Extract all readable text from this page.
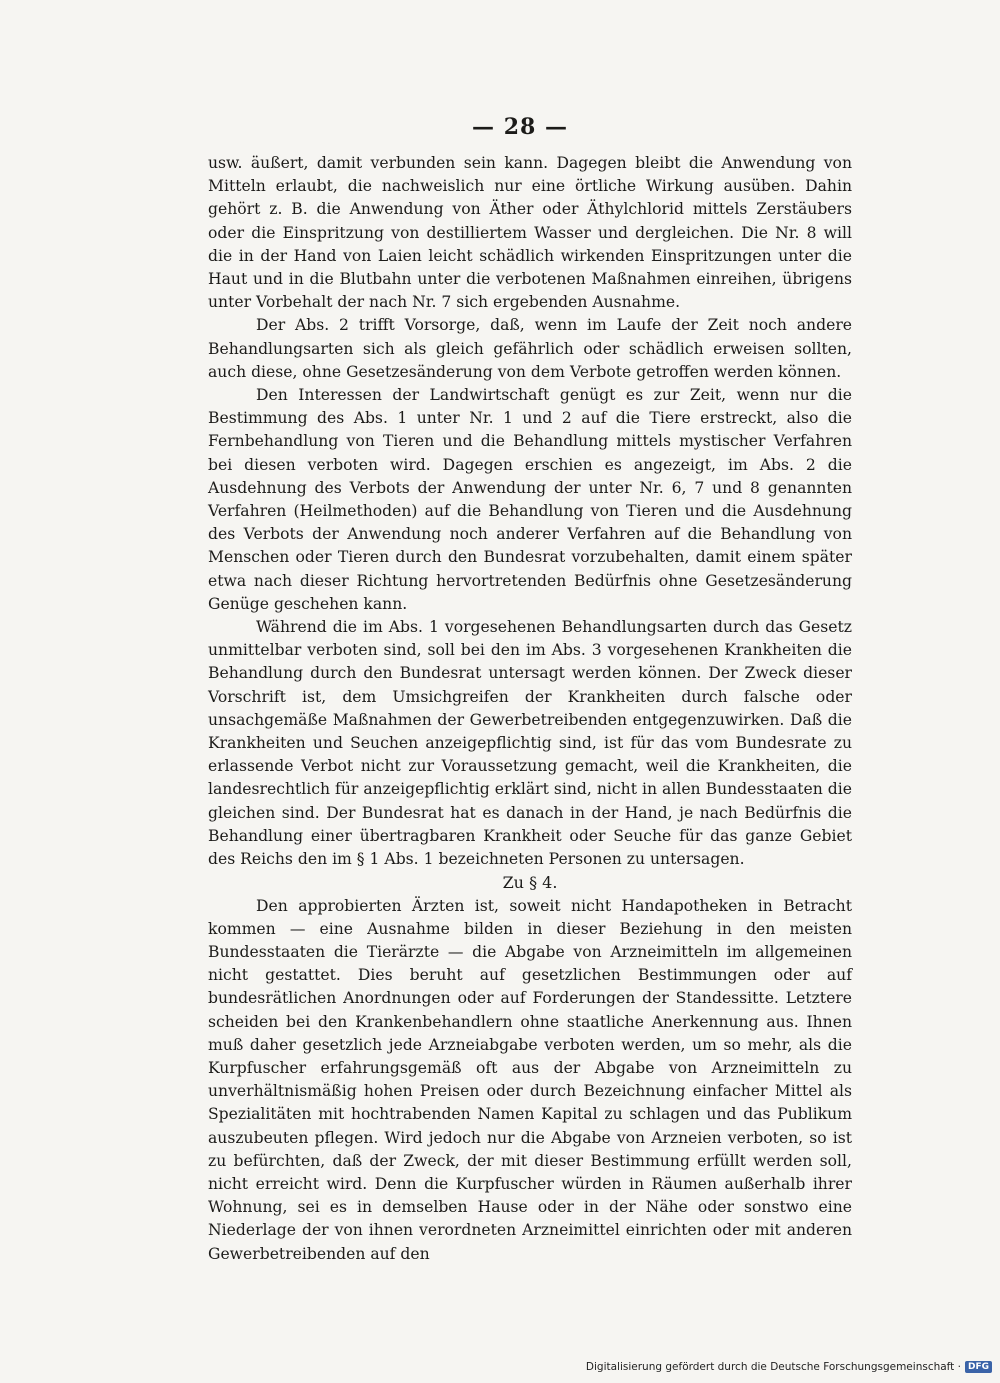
— 28 —

usw. äußert, damit verbunden sein kann. Dagegen bleibt die Anwendung von Mitteln erlaubt, die nachweislich nur eine örtliche Wirkung ausüben. Dahin gehört z. B. die Anwendung von Äther oder Äthylchlorid mittels Zerstäubers oder die Einspritzung von destilliertem Wasser und dergleichen. Die Nr. 8 will die in der Hand von Laien leicht schädlich wirkenden Einspritzungen unter die Haut und in die Blutbahn unter die verbotenen Maßnahmen einreihen, übrigens unter Vorbehalt der nach Nr. 7 sich ergebenden Ausnahme.

Der Abs. 2 trifft Vorsorge, daß, wenn im Laufe der Zeit noch andere Behandlungsarten sich als gleich gefährlich oder schädlich erweisen sollten, auch diese, ohne Gesetzesänderung von dem Verbote getroffen werden können.

Den Interessen der Landwirtschaft genügt es zur Zeit, wenn nur die Bestimmung des Abs. 1 unter Nr. 1 und 2 auf die Tiere erstreckt, also die Fernbehandlung von Tieren und die Behandlung mittels mystischer Verfahren bei diesen verboten wird. Dagegen erschien es angezeigt, im Abs. 2 die Ausdehnung des Verbots der Anwendung der unter Nr. 6, 7 und 8 genannten Verfahren (Heilmethoden) auf die Behandlung von Tieren und die Ausdehnung des Verbots der Anwendung noch anderer Verfahren auf die Behandlung von Menschen oder Tieren durch den Bundesrat vorzubehalten, damit einem später etwa nach dieser Richtung hervortretenden Bedürfnis ohne Gesetzesänderung Genüge geschehen kann.

Während die im Abs. 1 vorgesehenen Behandlungsarten durch das Gesetz unmittelbar verboten sind, soll bei den im Abs. 3 vorgesehenen Krankheiten die Behandlung durch den Bundesrat untersagt werden können. Der Zweck dieser Vorschrift ist, dem Umsichgreifen der Krankheiten durch falsche oder unsachgemäße Maßnahmen der Gewerbetreibenden entgegenzuwirken. Daß die Krankheiten und Seuchen anzeigepflichtig sind, ist für das vom Bundesrate zu erlassende Verbot nicht zur Voraussetzung gemacht, weil die Krankheiten, die landesrechtlich für anzeigepflichtig erklärt sind, nicht in allen Bundesstaaten die gleichen sind. Der Bundesrat hat es danach in der Hand, je nach Bedürfnis die Behandlung einer übertragbaren Krankheit oder Seuche für das ganze Gebiet des Reichs den im § 1 Abs. 1 bezeichneten Personen zu untersagen.

Zu § 4.

Den approbierten Ärzten ist, soweit nicht Handapotheken in Betracht kommen — eine Ausnahme bilden in dieser Beziehung in den meisten Bundesstaaten die Tierärzte — die Abgabe von Arzneimitteln im allgemeinen nicht gestattet. Dies beruht auf gesetzlichen Bestimmungen oder auf bundesrätlichen Anordnungen oder auf Forderungen der Standessitte. Letztere scheiden bei den Krankenbehandlern ohne staatliche Anerkennung aus. Ihnen muß daher gesetzlich jede Arzneiabgabe verboten werden, um so mehr, als die Kurpfuscher erfahrungsgemäß oft aus der Abgabe von Arzneimitteln zu unverhältnismäßig hohen Preisen oder durch Bezeichnung einfacher Mittel als Spezialitäten mit hochtrabenden Namen Kapital zu schlagen und das Publikum auszubeuten pflegen. Wird jedoch nur die Abgabe von Arzneien verboten, so ist zu befürchten, daß der Zweck, der mit dieser Bestimmung erfüllt werden soll, nicht erreicht wird. Denn die Kurpfuscher würden in Räumen außerhalb ihrer Wohnung, sei es in demselben Hause oder in der Nähe oder sonstwo eine Niederlage der von ihnen verordneten Arzneimittel einrichten oder mit anderen Gewerbetreibenden auf den

Digitalisierung gefördert durch die Deutsche Forschungsgemeinschaft · DFG
